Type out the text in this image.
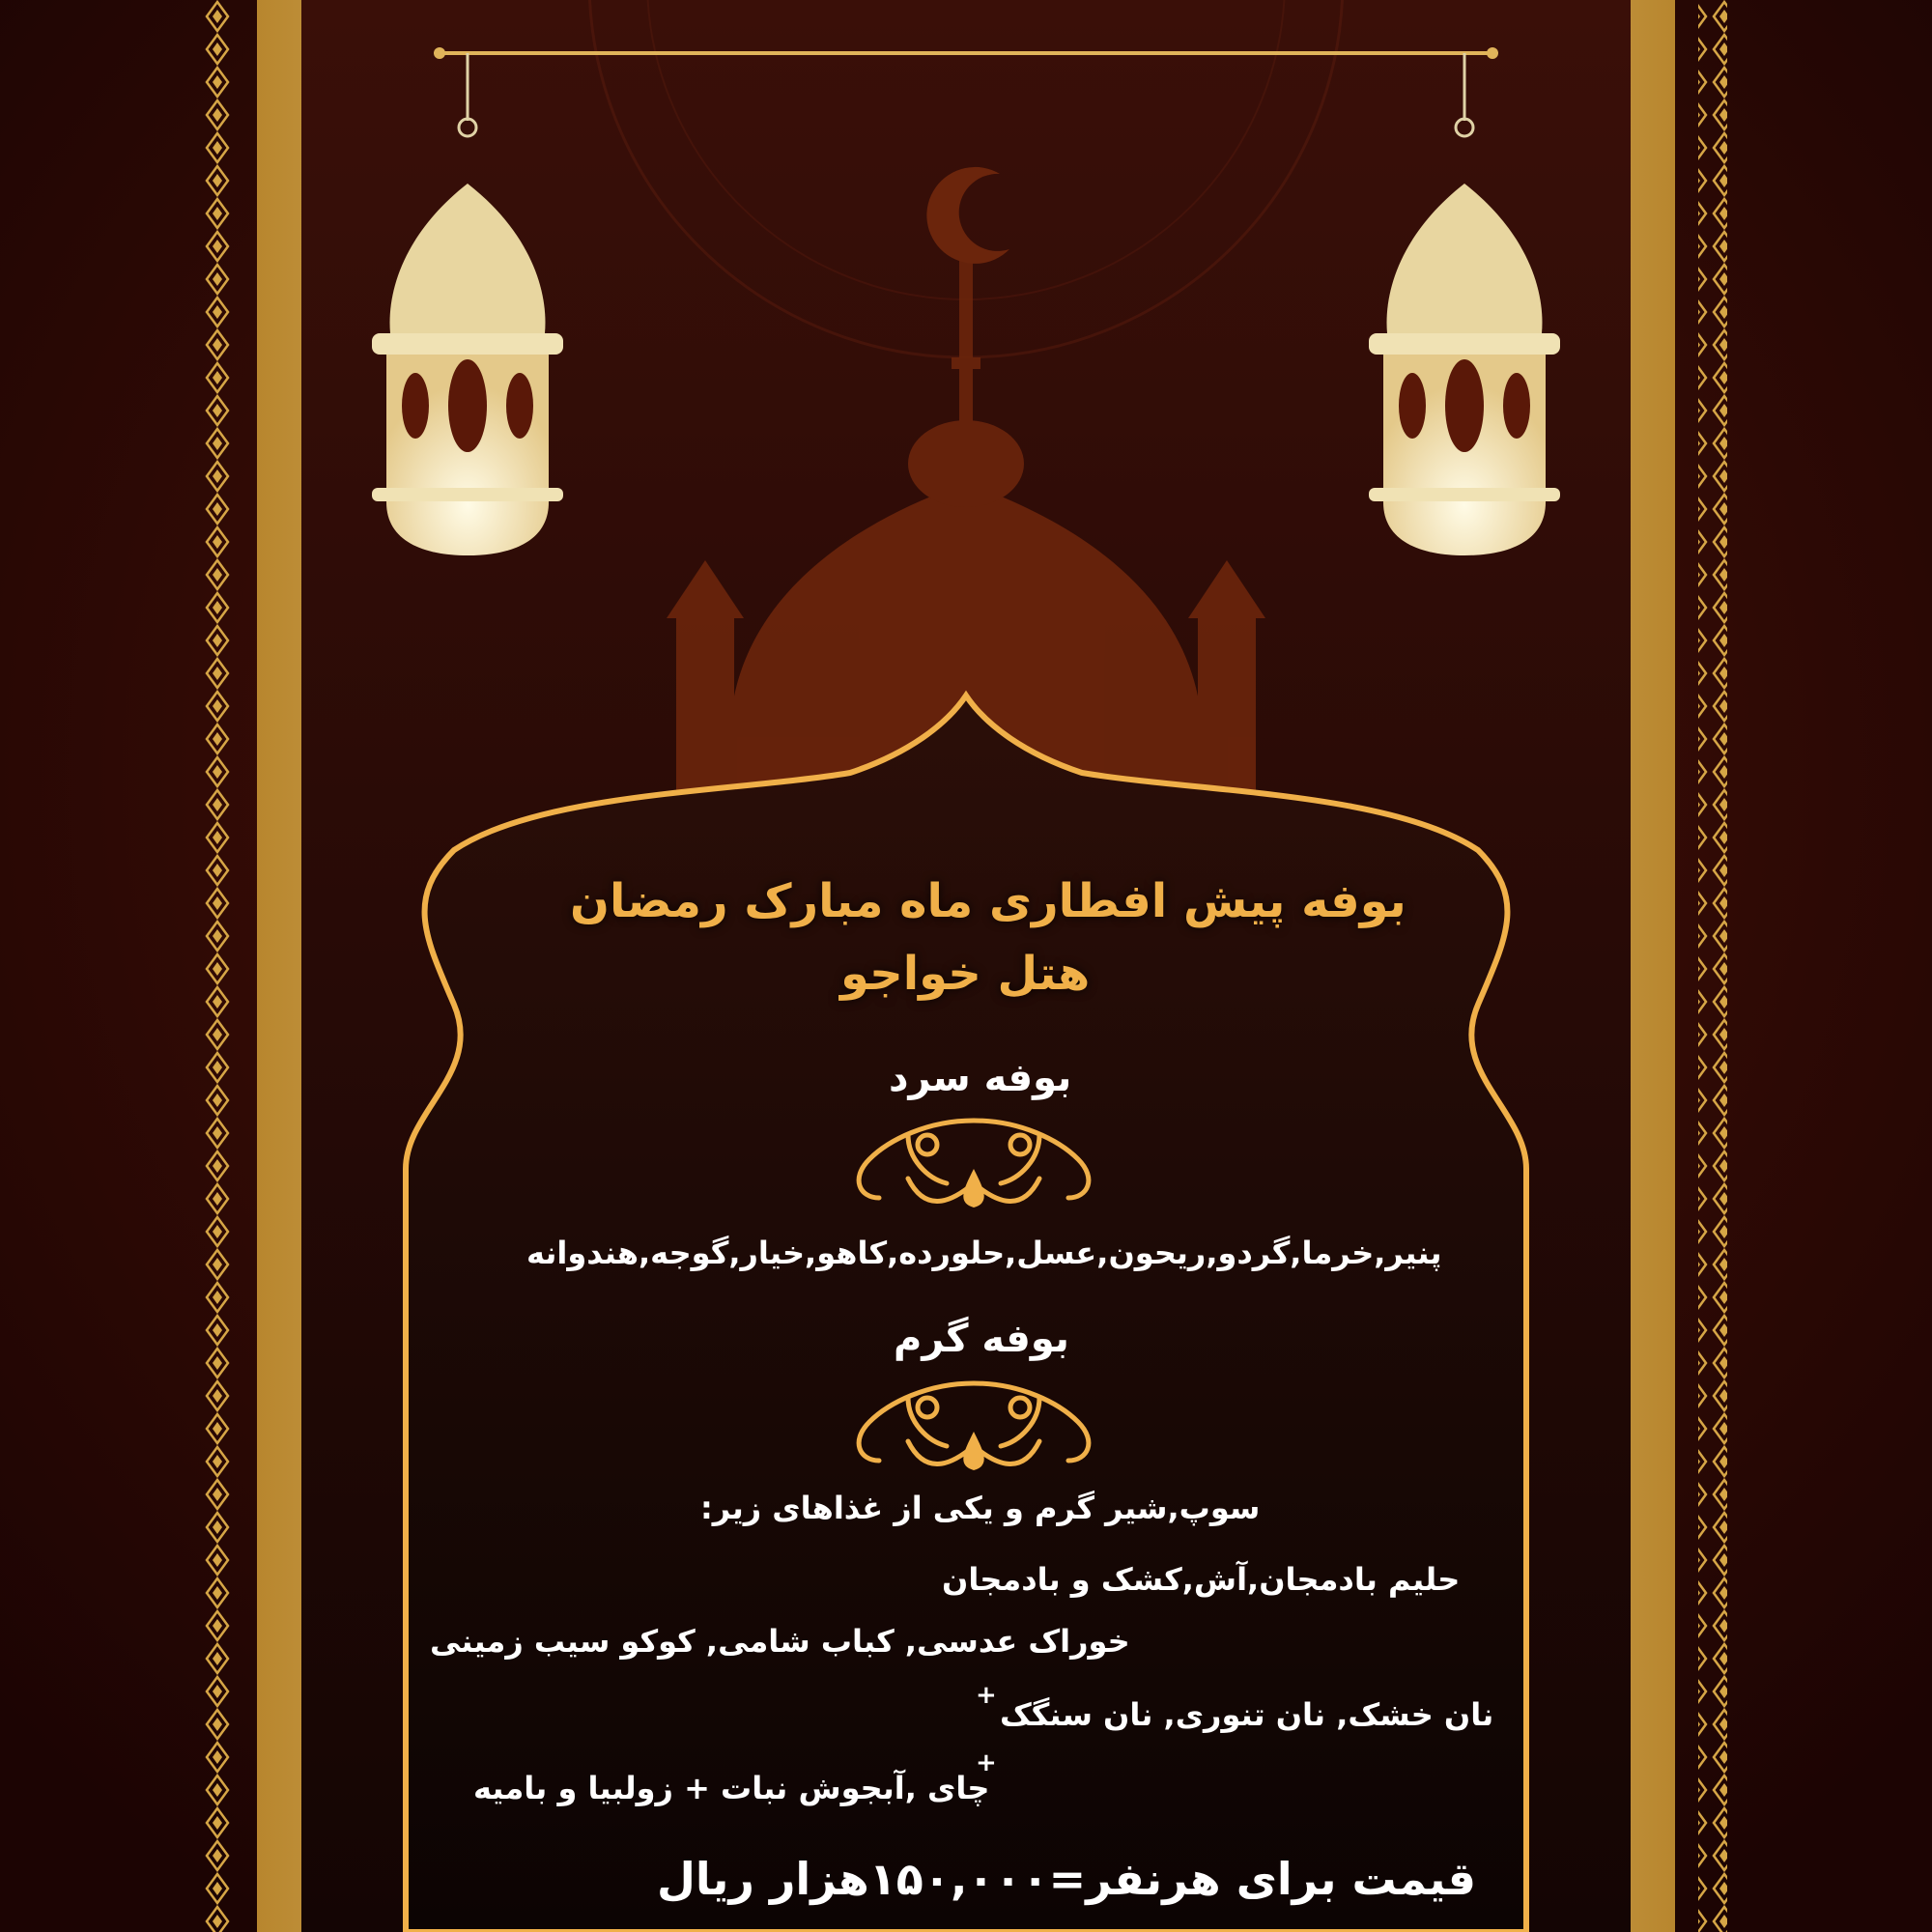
بوفه پیش افطاری ماه مبارک رمضان
هتل خواجو
بوفه سرد
پنیر,خرما,گردو,ریحون,عسل,حلورده,کاهو,خیار,گوجه,هندوانه
بوفه گرم
سوپ,شیر گرم و یکی از غذاهای زیر:
حلیم بادمجان,آش,کشک و بادمجان
خوراک عدسی, کباب شامی, کوکو سیب زمینی
+
نان خشک, نان تنوری, نان سنگک
+
چای ,آبجوش نبات + زولبیا و بامیه
قیمت برای هرنفر=۱۵۰,۰۰۰هزار ریال
